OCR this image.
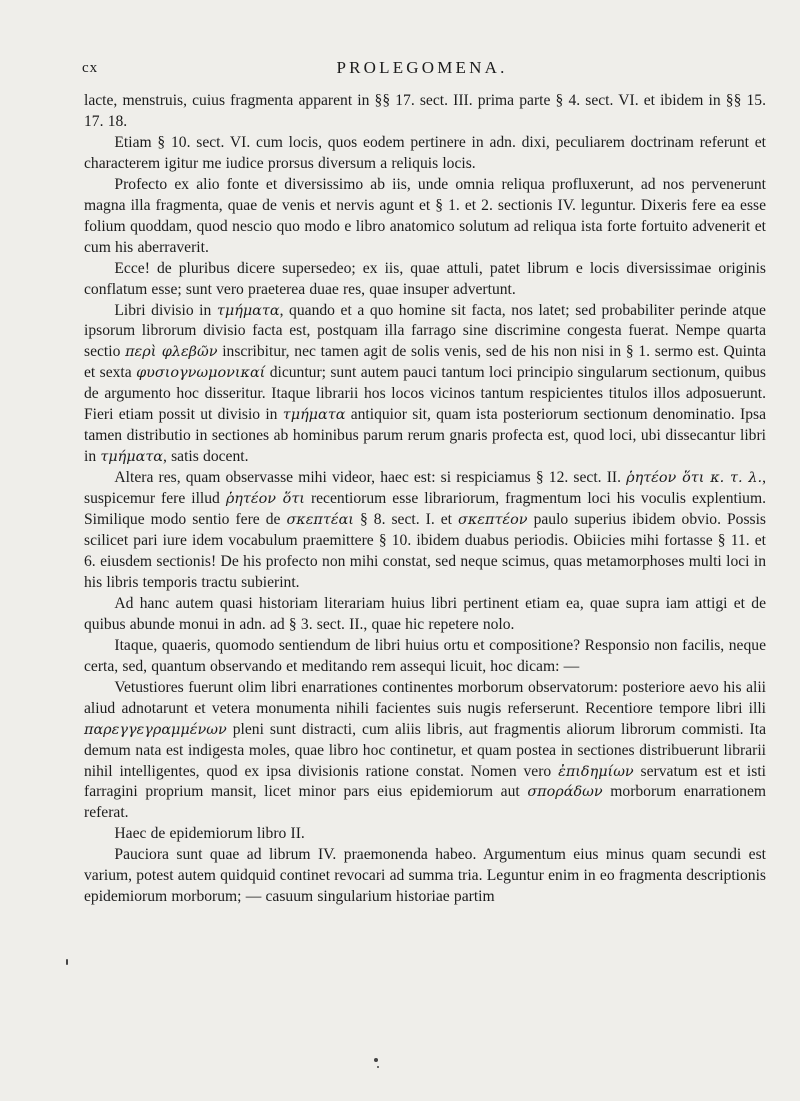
cx	PROLEGOMENA.

lacte, menstruis, cuius fragmenta apparent in §§ 17. sect. III. prima parte § 4. sect. VI. et ibidem in §§ 15. 17. 18.

Etiam § 10. sect. VI. cum locis, quos eodem pertinere in adn. dixi, peculiarem doctrinam referunt et characterem igitur me iudice prorsus diversum a reliquis locis.

Profecto ex alio fonte et diversissimo ab iis, unde omnia reliqua profluxerunt, ad nos pervenerunt magna illa fragmenta, quae de venis et nervis agunt et § 1. et 2. sectionis IV. leguntur. Dixeris fere ea esse folium quoddam, quod nescio quo modo e libro anatomico solutum ad reliqua ista forte fortuito advenerit et cum his aberraverit.

Ecce! de pluribus dicere supersedeo; ex iis, quae attuli, patet librum e locis diversissimae originis conflatum esse; sunt vero praeterea duae res, quae insuper advertunt.

Libri divisio in τμήματα, quando et a quo homine sit facta, nos latet; sed probabiliter perinde atque ipsorum librorum divisio facta est, postquam illa farrago sine discrimine congesta fuerat. Nempe quarta sectio περὶ φλεβῶν inscribitur, nec tamen agit de solis venis, sed de his non nisi in § 1. sermo est. Quinta et sexta φυσιογνωμονικαί dicuntur; sunt autem pauci tantum loci principio singularum sectionum, quibus de argumento hoc disseritur. Itaque librarii hos locos vicinos tantum respicientes titulos illos adposuerunt. Fieri etiam possit ut divisio in τμήματα antiquior sit, quam ista posteriorum sectionum denominatio. Ipsa tamen distributio in sectiones ab hominibus parum rerum gnaris profecta est, quod loci, ubi dissecantur libri in τμήματα, satis docent.

Altera res, quam observasse mihi videor, haec est: si respiciamus § 12. sect. II. ῥητέον ὅτι κ. τ. λ., suspicemur fere illud ῥητέον ὅτι recentiorum esse librariorum, fragmentum loci his voculis explentium. Similique modo sentio fere de σκεπτέαι § 8. sect. I. et σκεπτέον paulo superius ibidem obvio. Possis scilicet pari iure idem vocabulum praemittere § 10. ibidem duabus periodis. Obiicies mihi fortasse § 11. et 6. eiusdem sectionis! De his profecto non mihi constat, sed neque scimus, quas metamorphoses multi loci in his libris temporis tractu subierint.

Ad hanc autem quasi historiam literariam huius libri pertinent etiam ea, quae supra iam attigi et de quibus abunde monui in adn. ad § 3. sect. II., quae hic repetere nolo.

Itaque, quaeris, quomodo sentiendum de libri huius ortu et compositione? Responsio non facilis, neque certa, sed, quantum observando et meditando rem assequi licuit, hoc dicam: —

Vetustiores fuerunt olim libri enarrationes continentes morborum observatorum: posteriore aevo his alii aliud adnotarunt et vetera monumenta nihili facientes suis nugis referserunt. Recentiore tempore libri illi παρεγγεγραμμένων pleni sunt distracti, cum aliis libris, aut fragmentis aliorum librorum commisti. Ita demum nata est indigesta moles, quae libro hoc continetur, et quam postea in sectiones distribuerunt librarii nihil intelligentes, quod ex ipsa divisionis ratione constat. Nomen vero ἐπιδημίων servatum est et isti farragini proprium mansit, licet minor pars eius epidemiorum aut σποράδων morborum enarrationem referat.

Haec de epidemiorum libro II.

Pauciora sunt quae ad librum IV. praemonenda habeo. Argumentum eius minus quam secundi est varium, potest autem quidquid continet revocari ad summa tria. Leguntur enim in eo fragmenta descriptionis epidemiorum morborum; — casuum singularium historiae partim
